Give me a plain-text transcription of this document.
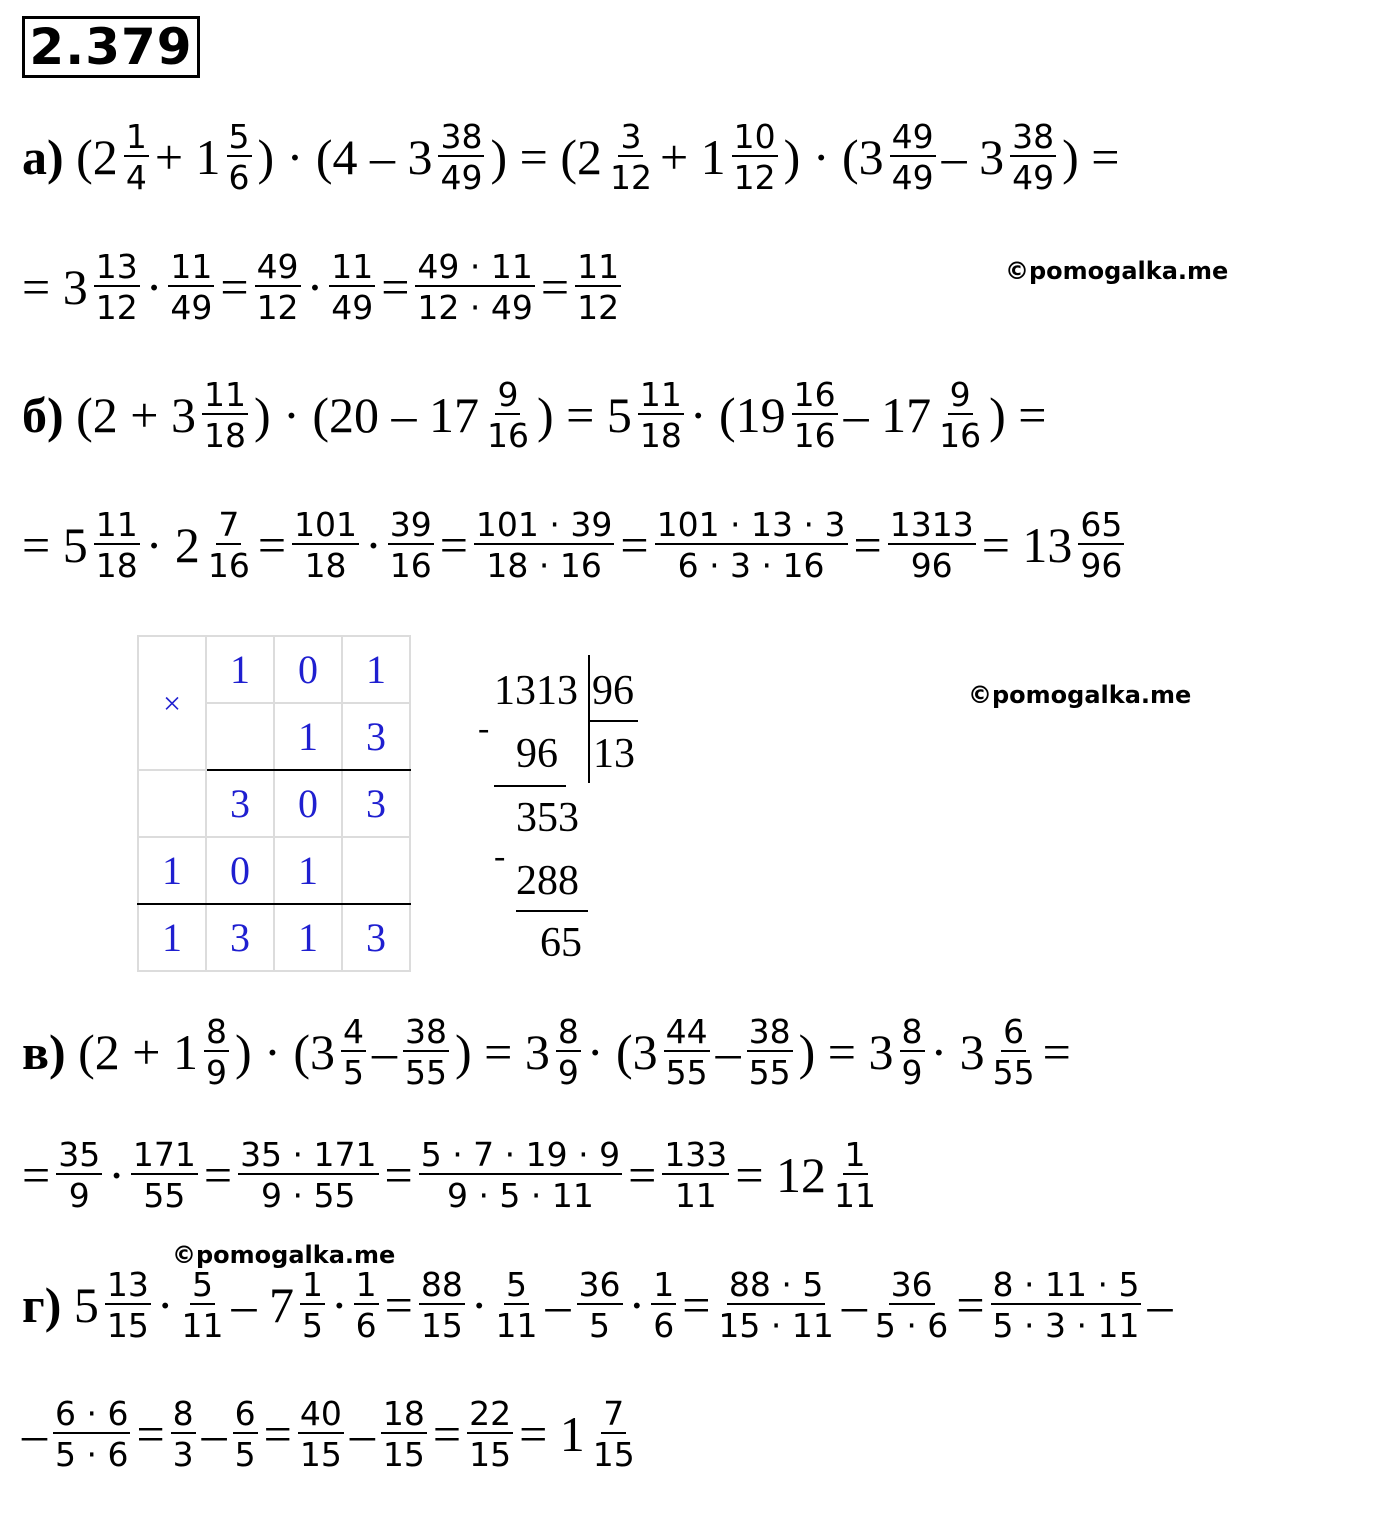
2.379
а) ($2 \frac{1}{4} + 1 \frac{5}{6}$ ) · ($4 - 3 \frac{38}{49}$ ) = ($2 \frac{3}{12} + 1 \frac{10}{12}$ ) · ($3 \frac{49}{49} - 3 \frac{38}{49}$ ) =
= $3 \frac{13}{12} \cdot \frac{11}{49} = \frac{49}{12} \cdot \frac{11}{49} = \frac{49 \cdot 11}{12 \cdot 49} = \frac{11}{12}$	©pomogalka.me
б) ($2 + 3 \frac{11}{18}$ ) · ($20 - 17 \frac{9}{16}$ ) = $5 \frac{11}{18} \cdot (19 \frac{16}{16} - 17 \frac{9}{16}$ ) =
= $5 \frac{11}{18} \cdot 2 \frac{7}{16} = \frac{101}{18} \cdot \frac{39}{16} = \frac{101 \cdot 39}{18 \cdot 16} = \frac{101 \cdot 13 \cdot 3}{6 \cdot 3 \cdot 16} = \frac{1313}{96} = 13 \frac{65}{96}$
×	1	0	1
		1	3
	3	0	3
1	0	1	
1	3	1	3
1313 96
-
96 13
353
-
288
65
©pomogalka.me
в) ($2 + 1 \frac{8}{9}$ ) · ($3 \frac{4}{5} - \frac{38}{55}$ ) = $3 \frac{8}{9} \cdot (3 \frac{44}{55} - \frac{38}{55}$ ) = $3 \frac{8}{9} \cdot 3 \frac{6}{55}$ =
= $\frac{35}{9} \cdot \frac{171}{55} = \frac{35 \cdot 171}{9 \cdot 55} = \frac{5 \cdot 7 \cdot 19 \cdot 9}{9 \cdot 5 \cdot 11} = \frac{133}{11} = 12 \frac{1}{11}$
©pomogalka.me
г) $5 \frac{13}{15} \cdot \frac{5}{11} - 7 \frac{1}{5} \cdot \frac{1}{6} = \frac{88}{15} \cdot \frac{5}{11} - \frac{36}{5} \cdot \frac{1}{6} = \frac{88 \cdot 5}{15 \cdot 11} - \frac{36}{5 \cdot 6} = \frac{8 \cdot 11 \cdot 5}{5 \cdot 3 \cdot 11}$ –
– $\frac{6 \cdot 6}{5 \cdot 6} = \frac{8}{3} - \frac{6}{5} = \frac{40}{15} - \frac{18}{15} = \frac{22}{15} = 1 \frac{7}{15}$
